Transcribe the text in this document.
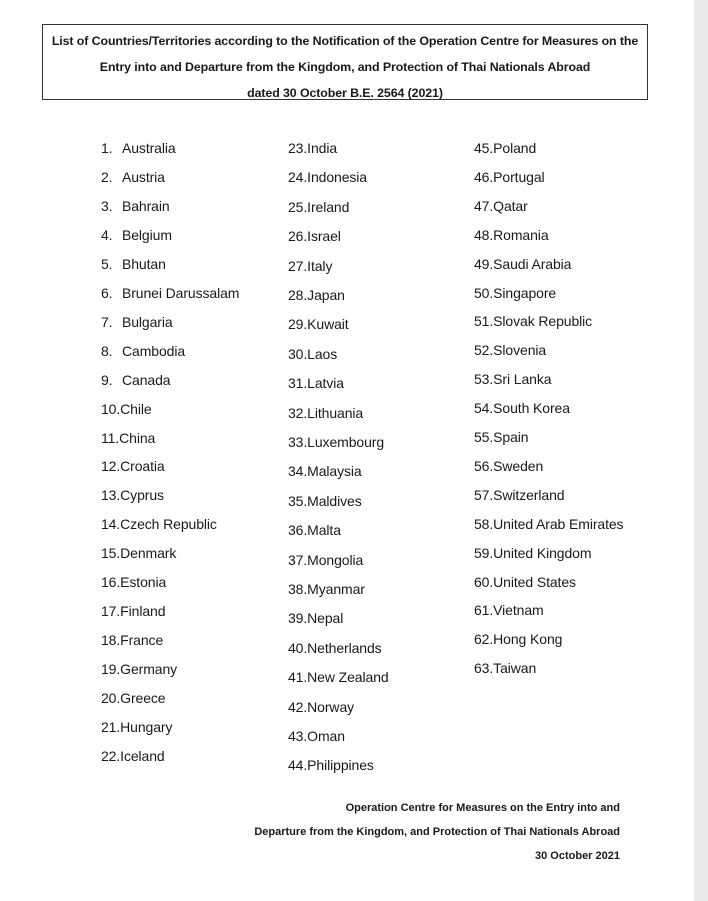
List of Countries/Territories according to the Notification of the Operation Centre for Measures on the
Entry into and Departure from the Kingdom, and Protection of Thai Nationals Abroad
dated 30 October B.E. 2564 (2021)
1. Australia
2. Austria
3. Bahrain
4. Belgium
5. Bhutan
6. Brunei Darussalam
7. Bulgaria
8. Cambodia
9. Canada
10.Chile
11.China
12.Croatia
13.Cyprus
14.Czech Republic
15.Denmark
16.Estonia
17.Finland
18.France
19.Germany
20.Greece
21.Hungary
22.Iceland
23.India
24.Indonesia
25.Ireland
26.Israel
27.Italy
28.Japan
29.Kuwait
30.Laos
31.Latvia
32.Lithuania
33.Luxembourg
34.Malaysia
35.Maldives
36.Malta
37.Mongolia
38.Myanmar
39.Nepal
40.Netherlands
41.New Zealand
42.Norway
43.Oman
44.Philippines
45.Poland
46.Portugal
47.Qatar
48.Romania
49.Saudi Arabia
50.Singapore
51.Slovak Republic
52.Slovenia
53.Sri Lanka
54.South Korea
55.Spain
56.Sweden
57.Switzerland
58.United Arab Emirates
59.United Kingdom
60.United States
61.Vietnam
62.Hong Kong
63.Taiwan
Operation Centre for Measures on the Entry into and
Departure from the Kingdom, and Protection of Thai Nationals Abroad
30 October 2021
